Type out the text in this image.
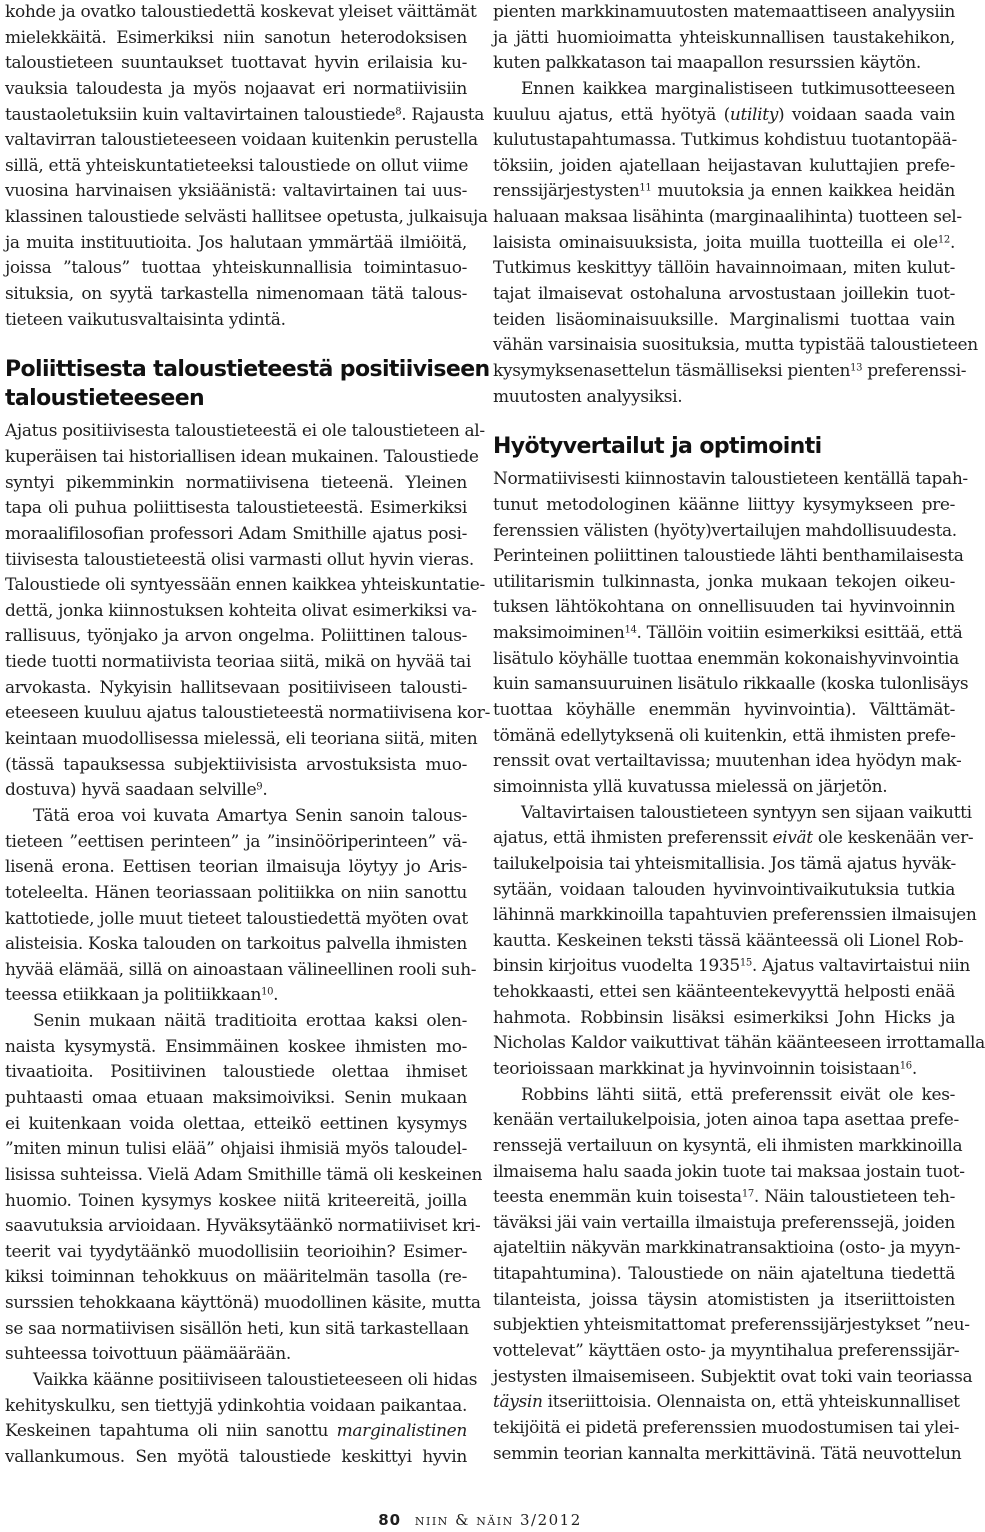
kohde ja ovatko taloustiedettä koskevat yleiset väittämät
mielekkäitä. Esimerkiksi niin sanotun heterodoksisen
taloustieteen suuntaukset tuottavat hyvin erilaisia ku-
vauksia taloudesta ja myös nojaavat eri normatiivisiin
taustaoletuksiin kuin valtavirtainen taloustiede$^8$. Rajausta
valtavirran taloustieteeseen voidaan kuitenkin perustella
sillä, että yhteiskuntatieteeksi taloustiede on ollut viime
vuosina harvinaisen yksiäänistä: valtavirtainen tai uus-
klassinen taloustiede selvästi hallitsee opetusta, julkaisuja
ja muita instituutioita. Jos halutaan ymmärtää ilmiöitä,
joissa ”talous” tuottaa yhteiskunnallisia toimintasuo-
situksia, on syytä tarkastella nimenomaan tätä talous-
tieteen vaikutusvaltaisinta ydintä.
Poliittisesta taloustieteestä positiiviseen
taloustieteeseen
Ajatus positiivisesta taloustieteestä ei ole taloustieteen al-
kuperäisen tai historiallisen idean mukainen. Taloustiede
syntyi pikemminkin normatiivisena tieteenä. Yleinen
tapa oli puhua poliittisesta taloustieteestä. Esimerkiksi
moraalifilosofian professori Adam Smithille ajatus posi-
tiivisesta taloustieteestä olisi varmasti ollut hyvin vieras.
Taloustiede oli syntyessään ennen kaikkea yhteiskuntatie-
dettä, jonka kiinnostuksen kohteita olivat esimerkiksi va-
rallisuus, työnjako ja arvon ongelma. Poliittinen talous-
tiede tuotti normatiivista teoriaa siitä, mikä on hyvää tai
arvokasta. Nykyisin hallitsevaan positiiviseen talousti-
eteeseen kuuluu ajatus taloustieteestä normatiivisena kor-
keintaan muodollisessa mielessä, eli teoriana siitä, miten
(tässä tapauksessa subjektiivisista arvostuksista muo-
dostuva) hyvä saadaan selville$^9$.
Tätä eroa voi kuvata Amartya Senin sanoin talous-
tieteen ”eettisen perinteen” ja ”insinööriperinteen” vä-
lisenä erona. Eettisen teorian ilmaisuja löytyy jo Aris-
toteleelta. Hänen teoriassaan politiikka on niin sanottu
kattotiede, jolle muut tieteet taloustiedettä myöten ovat
alisteisia. Koska talouden on tarkoitus palvella ihmisten
hyvää elämää, sillä on ainoastaan välineellinen rooli suh-
teessa etiikkaan ja politiikkaan$^{10}$.
Senin mukaan näitä traditioita erottaa kaksi olen-
naista kysymystä. Ensimmäinen koskee ihmisten mo-
tivaatioita. Positiivinen taloustiede olettaa ihmiset
puhtaasti omaa etuaan maksimoiviksi. Senin mukaan
ei kuitenkaan voida olettaa, etteikö eettinen kysymys
”miten minun tulisi elää” ohjaisi ihmisiä myös taloudel-
lisissa suhteissa. Vielä Adam Smithille tämä oli keskeinen
huomio. Toinen kysymys koskee niitä kriteereitä, joilla
saavutuksia arvioidaan. Hyväksytäänkö normatiiviset kri-
teerit vai tyydytäänkö muodollisiin teorioihin? Esimer-
kiksi toiminnan tehokkuus on määritelmän tasolla (re-
surssien tehokkaana käyttönä) muodollinen käsite, mutta
se saa normatiivisen sisällön heti, kun sitä tarkastellaan
suhteessa toivottuun päämäärään.
Vaikka käänne positiiviseen taloustieteeseen oli hidas
kehityskulku, sen tiettyjä ydinkohtia voidaan paikantaa.
Keskeinen tapahtuma oli niin sanottu marginalistinen
vallankumous. Sen myötä taloustiede keskittyi hyvin
pienten markkinamuutosten matemaattiseen analyysiin
ja jätti huomioimatta yhteiskunnallisen taustakehikon,
kuten palkkatason tai maapallon resurssien käytön.
Ennen kaikkea marginalistiseen tutkimusotteeseen
kuuluu ajatus, että hyötyä (utility) voidaan saada vain
kulutustapahtumassa. Tutkimus kohdistuu tuotantopää-
töksiin, joiden ajatellaan heijastavan kuluttajien prefe-
renssijärjestysten$^{11}$ muutoksia ja ennen kaikkea heidän
haluaan maksaa lisähinta (marginaalihinta) tuotteen sel-
laisista ominaisuuksista, joita muilla tuotteilla ei ole$^{12}$.
Tutkimus keskittyy tällöin havainnoimaan, miten kulut-
tajat ilmaisevat ostohaluna arvostustaan joillekin tuot-
teiden lisäominaisuuksille. Marginalismi tuottaa vain
vähän varsinaisia suosituksia, mutta typistää taloustieteen
kysymyksenasettelun täsmälliseksi pienten$^{13}$ preferenssi-
muutosten analyysiksi.
Hyötyvertailut ja optimointi
Normatiivisesti kiinnostavin taloustieteen kentällä tapah-
tunut metodologinen käänne liittyy kysymykseen pre-
ferenssien välisten (hyöty)vertailujen mahdollisuudesta.
Perinteinen poliittinen taloustiede lähti benthamilaisesta
utilitarismin tulkinnasta, jonka mukaan tekojen oikeu-
tuksen lähtökohtana on onnellisuuden tai hyvinvoinnin
maksimoiminen$^{14}$. Tällöin voitiin esimerkiksi esittää, että
lisätulo köyhälle tuottaa enemmän kokonaishyvinvointia
kuin samansuuruinen lisätulo rikkaalle (koska tulonlisäys
tuottaa köyhälle enemmän hyvinvointia). Välttämät-
tömänä edellytyksenä oli kuitenkin, että ihmisten prefe-
renssit ovat vertailtavissa; muutenhan idea hyödyn mak-
simoinnista yllä kuvatussa mielessä on järjetön.
Valtavirtaisen taloustieteen syntyyn sen sijaan vaikutti
ajatus, että ihmisten preferenssit eivät ole keskenään ver-
tailukelpoisia tai yhteismitallisia. Jos tämä ajatus hyväk-
sytään, voidaan talouden hyvinvointivaikutuksia tutkia
lähinnä markkinoilla tapahtuvien preferenssien ilmaisujen
kautta. Keskeinen teksti tässä käänteessä oli Lionel Rob-
binsin kirjoitus vuodelta 1935$^{15}$. Ajatus valtavirtaistui niin
tehokkaasti, ettei sen käänteentekevyyttä helposti enää
hahmota. Robbinsin lisäksi esimerkiksi John Hicks ja
Nicholas Kaldor vaikuttivat tähän käänteeseen irrottamalla
teorioissaan markkinat ja hyvinvoinnin toisistaan$^{16}$.
Robbins lähti siitä, että preferenssit eivät ole kes-
kenään vertailukelpoisia, joten ainoa tapa asettaa prefe-
renssejä vertailuun on kysyntä, eli ihmisten markkinoilla
ilmaisema halu saada jokin tuote tai maksaa jostain tuot-
teesta enemmän kuin toisesta$^{17}$. Näin taloustieteen teh-
täväksi jäi vain vertailla ilmaistuja preferenssejä, joiden
ajateltiin näkyvän markkinatransaktioina (osto- ja myyn-
titapahtumina). Taloustiede on näin ajateltuna tiedettä
tilanteista, joissa täysin atomististen ja itseriittoisten
subjektien yhteismitattomat preferenssijärjestykset ”neu-
vottelevat” käyttäen osto- ja myyntihalua preferenssijär-
jestysten ilmaisemiseen. Subjektit ovat toki vain teoriassa
täysin itseriittoisia. Olennaista on, että yhteiskunnalliset
tekijöitä ei pidetä preferenssien muodostumisen tai ylei-
semmin teorian kannalta merkittävinä. Tätä neuvottelun
80 niin & näin 3/2012
